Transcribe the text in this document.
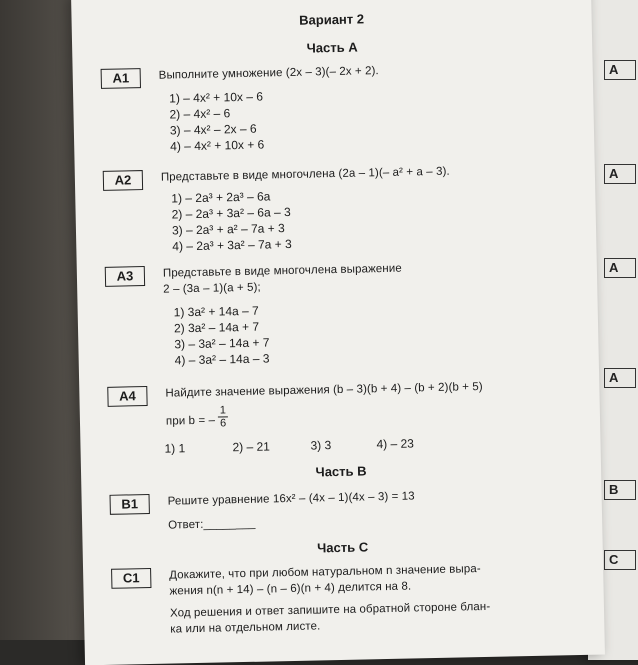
А
А
А
А
В
С
Вариант 2
Часть А
А1	Выполните умножение (2x – 3)(– 2x + 2).
1) – 4x² + 10x – 6
2) – 4x² – 6
3) – 4x² – 2x – 6
4) – 4x² + 10x + 6
А2	Представьте в виде многочлена (2a – 1)(– a² + a – 3).
1) – 2a³ + 2a³ – 6a
2) – 2a³ + 3a² – 6a – 3
3) – 2a³ + a² – 7a + 3
4) – 2a³ + 3a² – 7a + 3
А3	Представьте в виде многочлена выражение
2 – (3a – 1)(a + 5);
1) 3a² + 14a – 7
2) 3a² – 14a + 7
3) – 3a² – 14a + 7
4) – 3a² – 14a – 3
А4	Найдите значение выражения (b – 3)(b + 4) – (b + 2)(b + 5)
при b = – $\frac{1}{6}$
1) 1	2) – 21	3) 3	4) – 23
Часть В
В1	Решите уравнение 16x² – (4x – 1)(4x – 3) = 13
Ответ:________
Часть С
С1	Докажите, что при любом натуральном n значение выра-
жения n(n + 14) – (n – 6)(n + 4) делится на 8.
Ход решения и ответ запишите на обратной стороне блан-
ка или на отдельном листе.
